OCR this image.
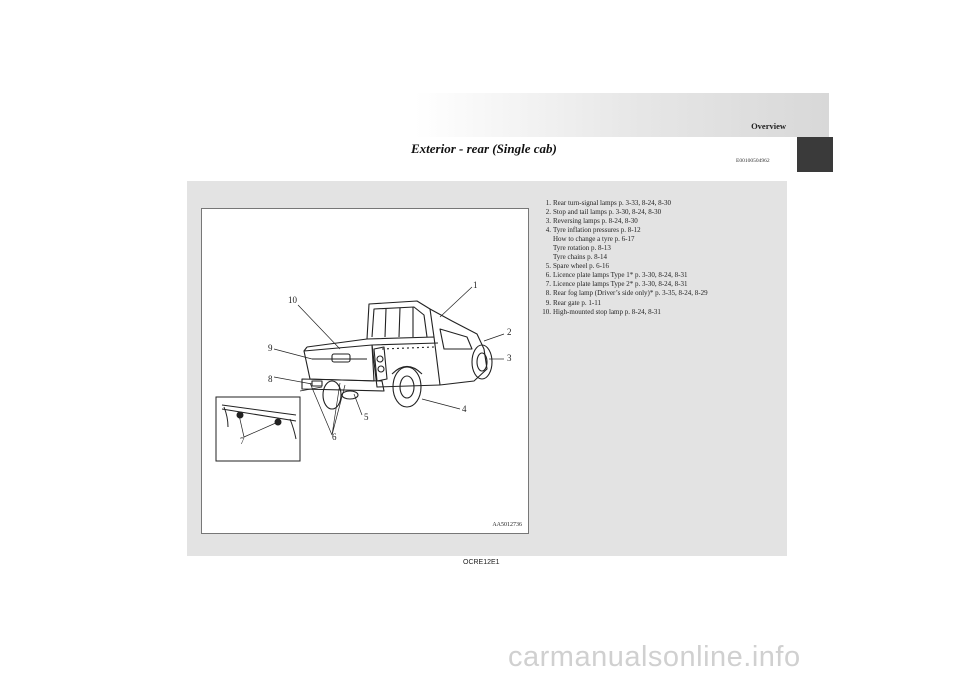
Overview
Exterior - rear (Single cab)
E00100504962
1
2
3
4
5
6
7
8
9
10
AA5012736
1. Rear turn-signal lamps p. 3-33, 8-24, 8-30
2. Stop and tail lamps p. 3-30, 8-24, 8-30
3. Reversing lamps p. 8-24, 8-30
4. Tyre inflation pressures p. 8-12
How to change a tyre p. 6-17
Tyre rotation p. 8-13
Tyre chains p. 8-14
5. Spare wheel p. 6-16
6. Licence plate lamps Type 1* p. 3-30, 8-24, 8-31
7. Licence plate lamps Type 2* p. 3-30, 8-24, 8-31
8. Rear fog lamp (Driver’s side only)* p. 3-35, 8-24, 8-29
9. Rear gate p. 1-11
10. High-mounted stop lamp p. 8-24, 8-31
OCRE12E1
carmanualsonline.info
